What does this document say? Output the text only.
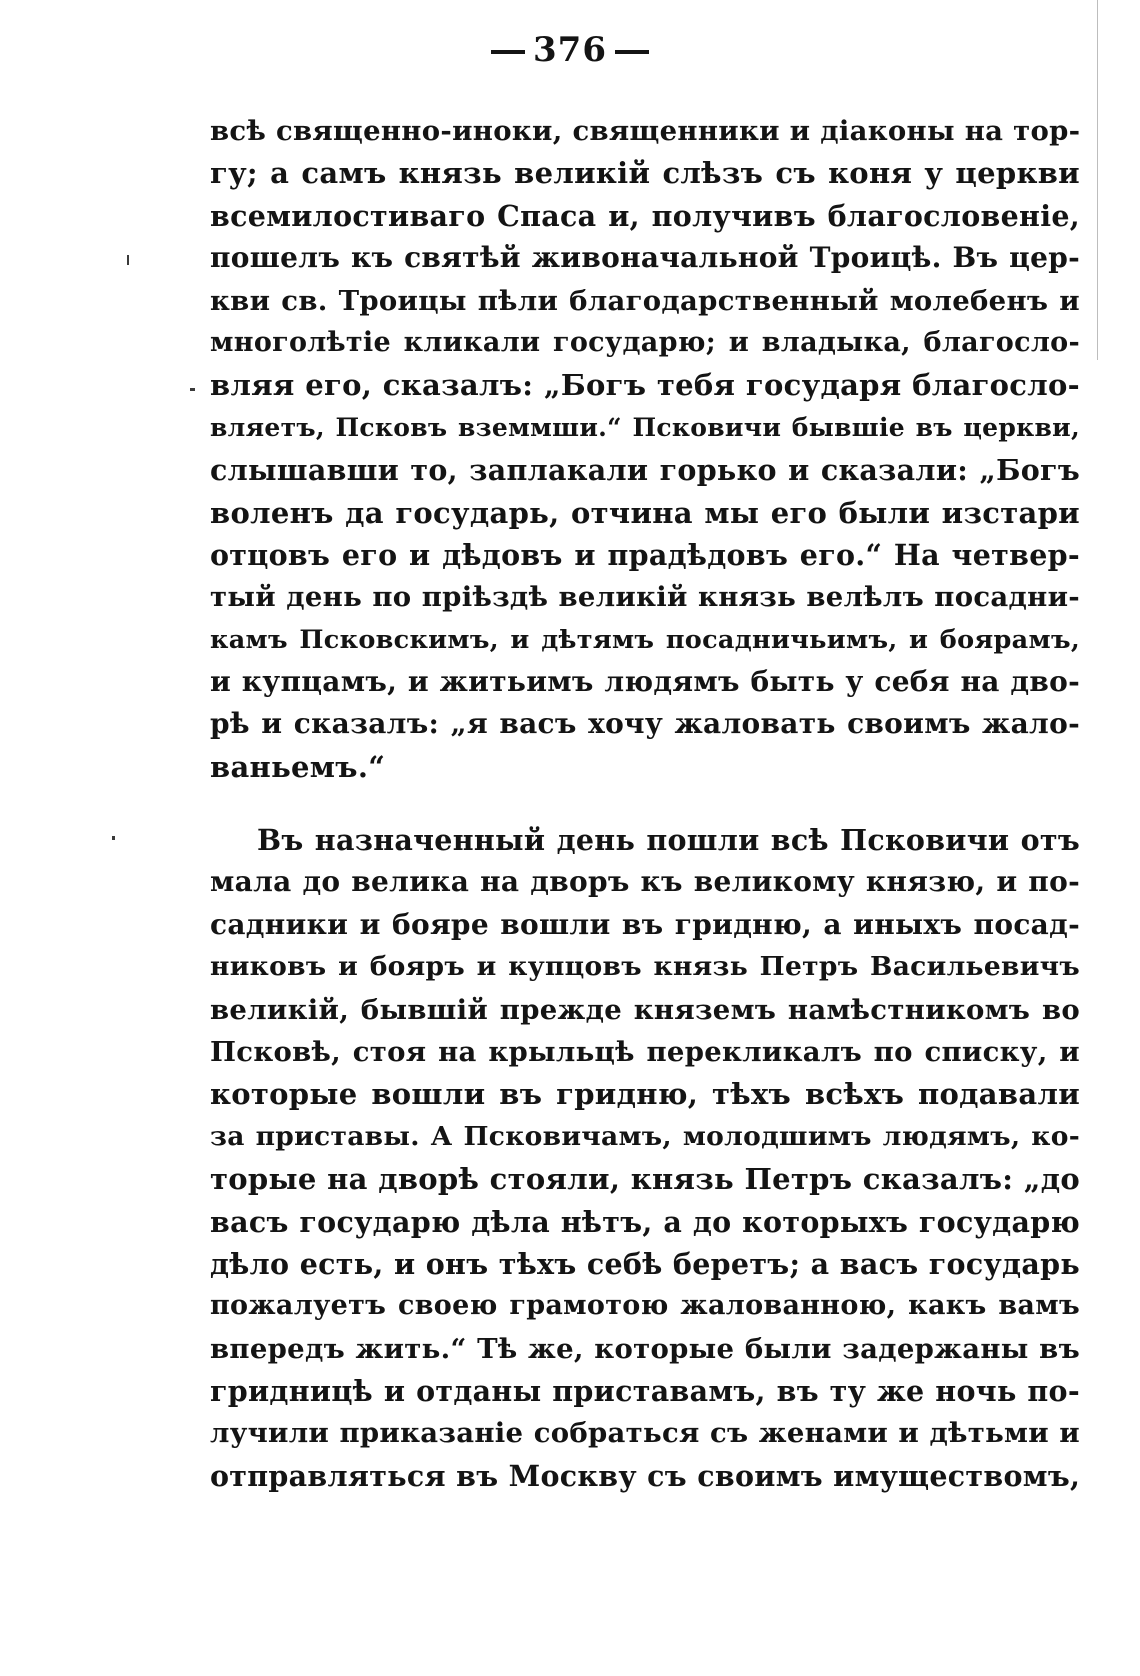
376
всѣ священно-иноки, священники и діаконы на тор-
гу; а самъ князь великій слѣзъ съ коня у церкви
всемилостиваго Спаса и, получивъ благословеніе,
пошелъ къ святѣй живоначальной Троицѣ. Въ цер-
кви св. Троицы пѣли благодарственный молебенъ и
многолѣтіе кликали государю; и владыка, благосло-
вляя его, сказалъ: „Богъ тебя государя благосло-
вляетъ, Псковъ вземмши.“ Псковичи бывшіе въ церкви,
слышавши то, заплакали горько и сказали: „Богъ
воленъ да государь, отчина мы его были изстари
отцовъ его и дѣдовъ и прадѣдовъ его.“ На четвер-
тый день по пріѣздѣ великій князь велѣлъ посадни-
камъ Псковскимъ, и дѣтямъ посадничьимъ, и боярамъ,
и купцамъ, и житьимъ людямъ быть у себя на дво-
рѣ и сказалъ: „я васъ хочу жаловать своимъ жало-
ваньемъ.“
Въ назначенный день пошли всѣ Псковичи отъ
мала до велика на дворъ къ великому князю, и по-
садники и бояре вошли въ гридню, а иныхъ посад-
никовъ и бояръ и купцовъ князь Петръ Васильевичъ
великій, бывшій прежде княземъ намѣстникомъ во
Псковѣ, стоя на крыльцѣ перекликалъ по списку, и
которые вошли въ гридню, тѣхъ всѣхъ подавали
за приставы. А Псковичамъ, молодшимъ людямъ, ко-
торые на дворѣ стояли, князь Петръ сказалъ: „до
васъ государю дѣла нѣтъ, а до которыхъ государю
дѣло есть, и онъ тѣхъ себѣ беретъ; а васъ государь
пожалуетъ своею грамотою жалованною, какъ вамъ
впередъ жить.“ Тѣ же, которые были задержаны въ
гридницѣ и отданы приставамъ, въ ту же ночь по-
лучили приказаніе собраться съ женами и дѣтьми и
отправляться въ Москву съ своимъ имуществомъ,
